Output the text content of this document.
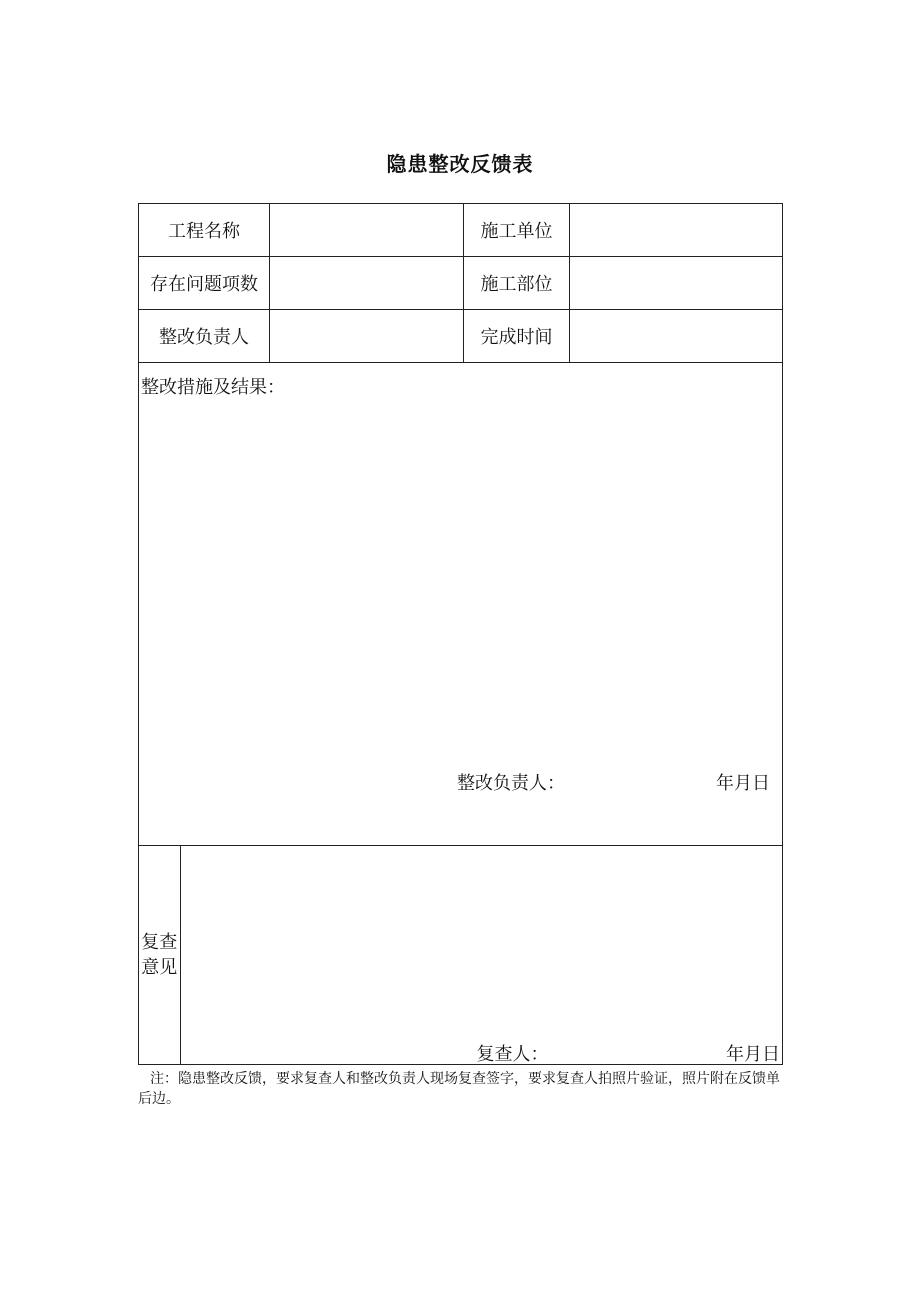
隐患整改反馈表
工程名称		施工单位	
存在问题项数		施工部位	
整改负责人		完成时间	

整改措施及结果：
整改负责人：	年月日

复查
意见

复查人：	年月日
注：隐患整改反馈，要求复查人和整改负责人现场复查签字，要求复查人拍照片验证，照片附在反馈单后边。
